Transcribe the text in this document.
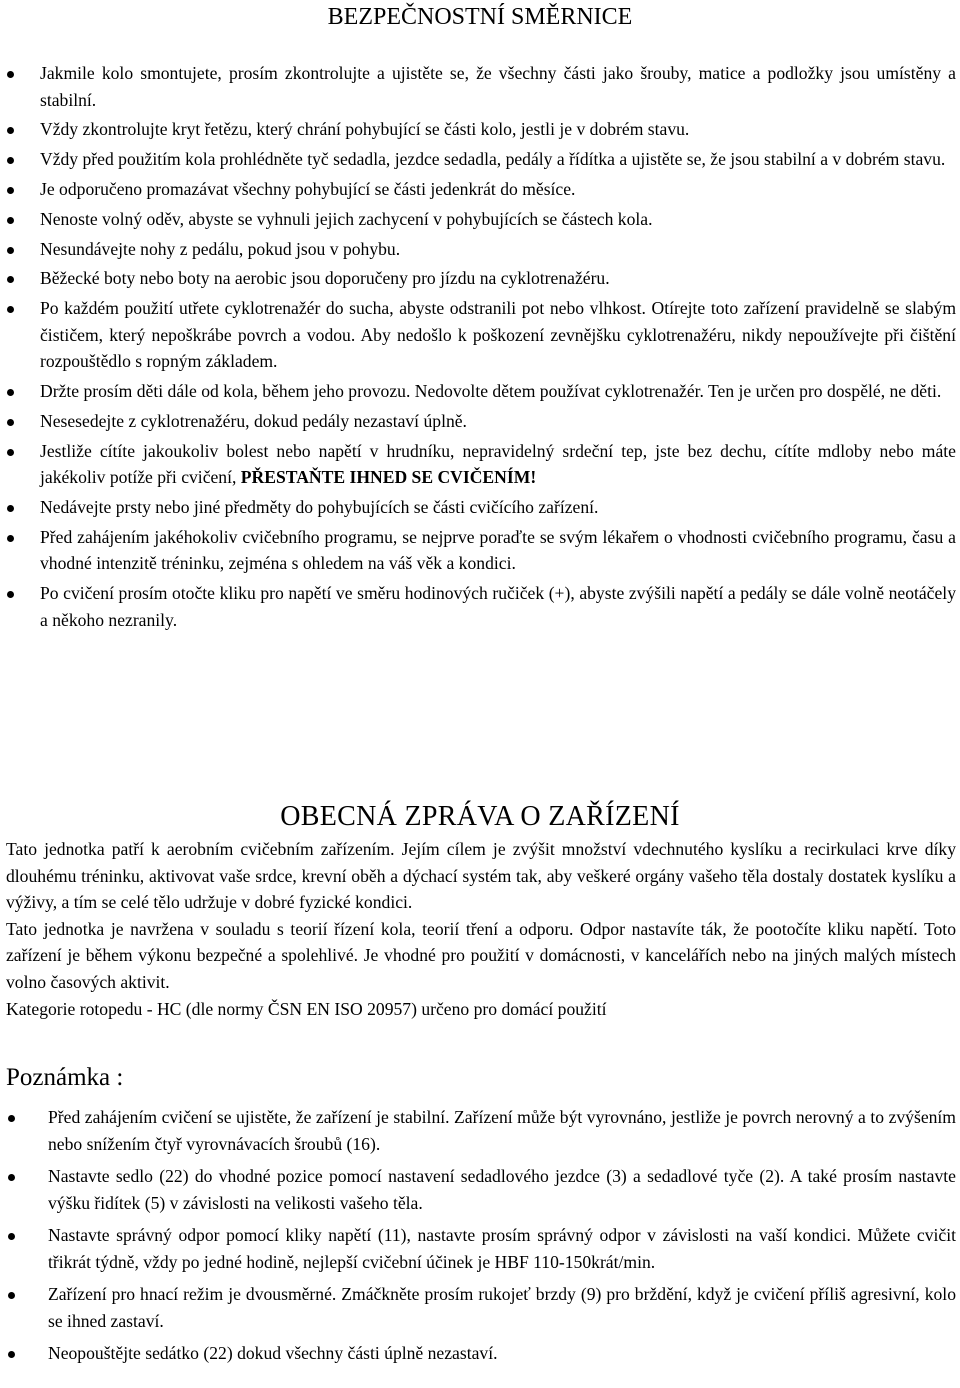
BEZPEČNOSTNÍ SMĚRNICE
Jakmile kolo smontujete, prosím zkontrolujte a ujistěte se, že všechny části jako šrouby, matice a podložky jsou umístěny a stabilní.
Vždy zkontrolujte kryt řetězu, který chrání pohybující se části kolo, jestli je v dobrém stavu.
Vždy před použitím kola prohlédněte tyč sedadla, jezdce sedadla, pedály a řídítka a ujistěte se, že jsou stabilní a v dobrém stavu.
Je odporučeno promazávat všechny pohybující se části jedenkrát do měsíce.
Nenoste volný oděv, abyste se vyhnuli jejich zachycení v pohybujících se částech kola.
Nesundávejte nohy z pedálu, pokud jsou v pohybu.
Běžecké boty nebo boty na aerobic jsou doporučeny pro jízdu na cyklotrenažéru.
Po každém použití utřete cyklotrenažér do sucha, abyste odstranili pot nebo vlhkost. Otírejte toto zařízení pravidelně se slabým čističem, který nepoškrábe povrch a vodou. Aby nedošlo k poškození zevnějšku cyklotrenažéru, nikdy nepoužívejte při čištění rozpouštědlo s ropným základem.
Držte prosím děti dále od kola, během jeho provozu. Nedovolte dětem používat cyklotrenažér. Ten je určen pro dospělé, ne děti.
Nesesedejte z cyklotrenažéru, dokud pedály nezastaví úplně.
Jestliže cítíte jakoukoliv bolest nebo napětí v hrudníku, nepravidelný srdeční tep, jste bez dechu, cítíte mdloby nebo máte jakékoliv potíže při cvičení, PŘESTAŇTE IHNED SE CVIČENÍM!
Nedávejte prsty nebo jiné předměty do pohybujících se části cvičícího zařízení.
Před zahájením jakéhokoliv cvičebního programu, se nejprve poraďte se svým lékařem o vhodnosti cvičebního programu, času a vhodné intenzitě tréninku, zejména s ohledem na váš věk a kondici.
Po cvičení prosím otočte kliku pro napětí ve směru hodinových ručiček (+), abyste zvýšili napětí a pedály se dále volně neotáčely a někoho nezranily.
OBECNÁ ZPRÁVA O ZAŘÍZENÍ

Tato jednotka patří k aerobním cvičebním zařízením. Jejím cílem je zvýšit množství vdechnutého kyslíku a recirkulaci krve díky dlouhému tréninku, aktivovat vaše srdce, krevní oběh a dýchací systém tak, aby veškeré orgány vašeho těla dostaly dostatek kyslíku a výživy, a tím se celé tělo udržuje v dobré fyzické kondici.

Tato jednotka je navržena v souladu s teorií řízení kola, teorií tření a odporu. Odpor nastavíte ták, že pootočíte kliku napětí. Toto zařízení je během výkonu bezpečné a spolehlivé. Je vhodné pro použití v domácnosti, v kancelářích nebo na jiných malých místech volno časových aktivit.

Kategorie rotopedu - HC (dle normy ČSN EN ISO 20957) určeno pro domácí použití

Poznámka :
Před zahájením cvičení se ujistěte, že zařízení je stabilní. Zařízení může být vyrovnáno, jestliže je povrch nerovný a to zvýšením nebo snížením čtyř vyrovnávacích šroubů (16).
Nastavte sedlo (22) do vhodné pozice pomocí nastavení sedadlového jezdce (3) a sedadlové tyče (2). A také prosím nastavte výšku řidítek (5) v závislosti na velikosti vašeho těla.
Nastavte správný odpor pomocí kliky napětí (11), nastavte prosím správný odpor v závislosti na vaší kondici. Můžete cvičit třikrát týdně, vždy po jedné hodině, nejlepší cvičební účinek je HBF 110-150krát/min.
Zařízení pro hnací režim je dvousměrné. Zmáčkněte prosím rukojeť brzdy (9) pro brždění, když je cvičení příliš agresivní, kolo se ihned zastaví.
Neopouštějte sedátko (22) dokud všechny části úplně nezastaví.
